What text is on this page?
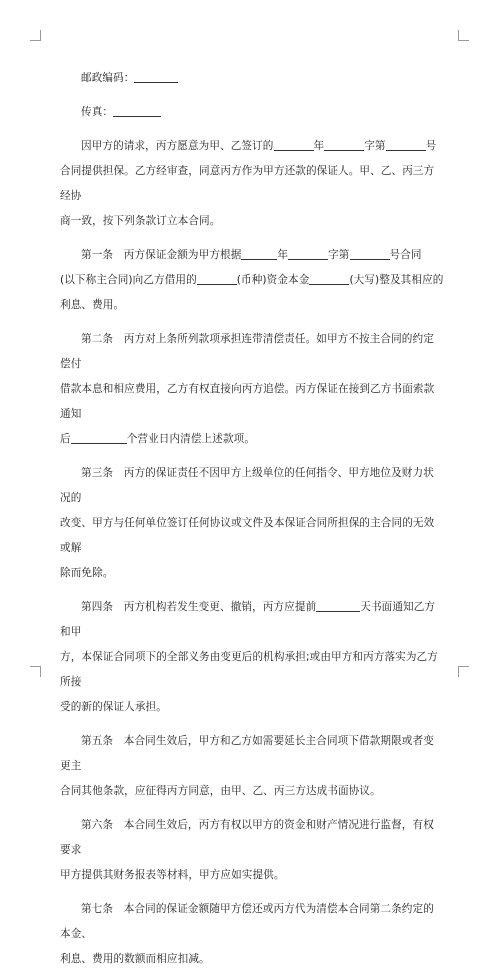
邮政编码：

传真：

因甲方的请求，丙方愿意为甲、乙签订的	年	字第	号
合同提供担保。乙方经审查，同意丙方作为甲方还款的保证人。甲、乙、丙三方经协
商一致，按下列条款订立本合同。

第一条　丙方保证金额为甲方根据	年	字第	号合同
(以下称主合同)向乙方借用的	(币种)资金本金	(大写)整及其相应的
利息、费用。

第二条　丙方对上条所列款项承担连带清偿责任。如甲方不按主合同的约定偿付
借款本息和相应费用，乙方有权直接向丙方追偿。丙方保证在接到乙方书面索款通知
后	个营业日内清偿上述款项。

第三条　丙方的保证责任不因甲方上级单位的任何指令、甲方地位及财力状况的
改变、甲方与任何单位签订任何协议或文件及本保证合同所担保的主合同的无效或解
除而免除。

第四条　丙方机构若发生变更、撤销，丙方应提前	天书面通知乙方和甲
方，本保证合同项下的全部义务由变更后的机构承担;或由甲方和丙方落实为乙方所接
受的新的保证人承担。

第五条　本合同生效后，甲方和乙方如需要延长主合同项下借款期限或者变更主
合同其他条款，应征得丙方同意，由甲、乙、丙三方达成书面协议。

第六条　本合同生效后，丙方有权以甲方的资金和财产情况进行监督，有权要求
甲方提供其财务报表等材料，甲方应如实提供。

第七条　本合同的保证金额随甲方偿还或丙方代为清偿本合同第二条约定的本金、
利息、费用的数额而相应扣减。
